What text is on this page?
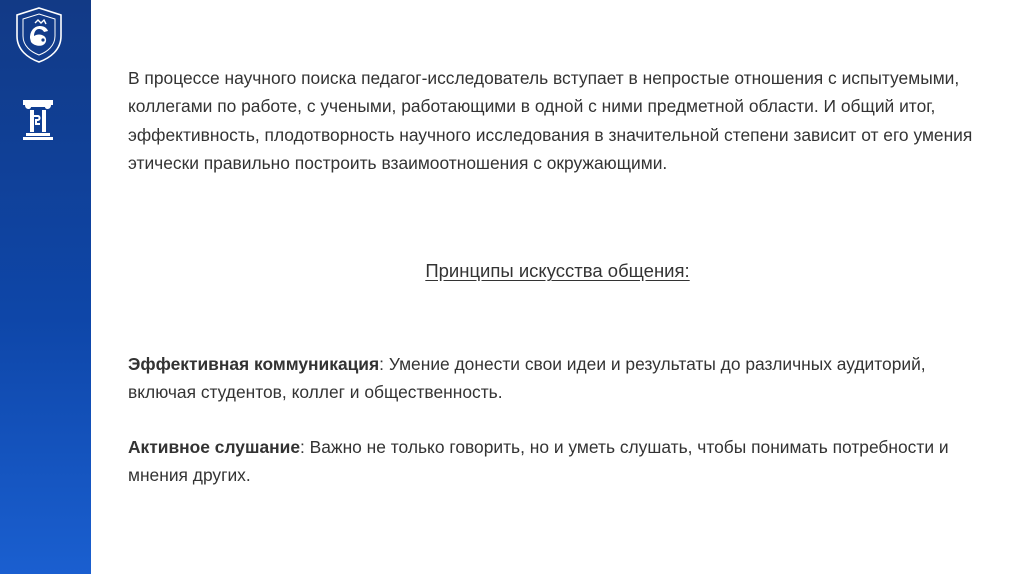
В процессе научного поиска педагог-исследователь вступает в непростые отношения с испытуемыми, коллегами по работе, с учеными, работающими в одной с ними предметной области. И общий итог, эффективность, плодотворность научного исследования в значительной степени зависит от его умения этически правильно построить взаимоотношения с окружающими.

Принципы искусства общения:

Эффективная коммуникация: Умение донести свои идеи и результаты до различных аудиторий, включая студентов, коллег и общественность.

Активное слушание: Важно не только говорить, но и уметь слушать, чтобы понимать потребности и мнения других.
